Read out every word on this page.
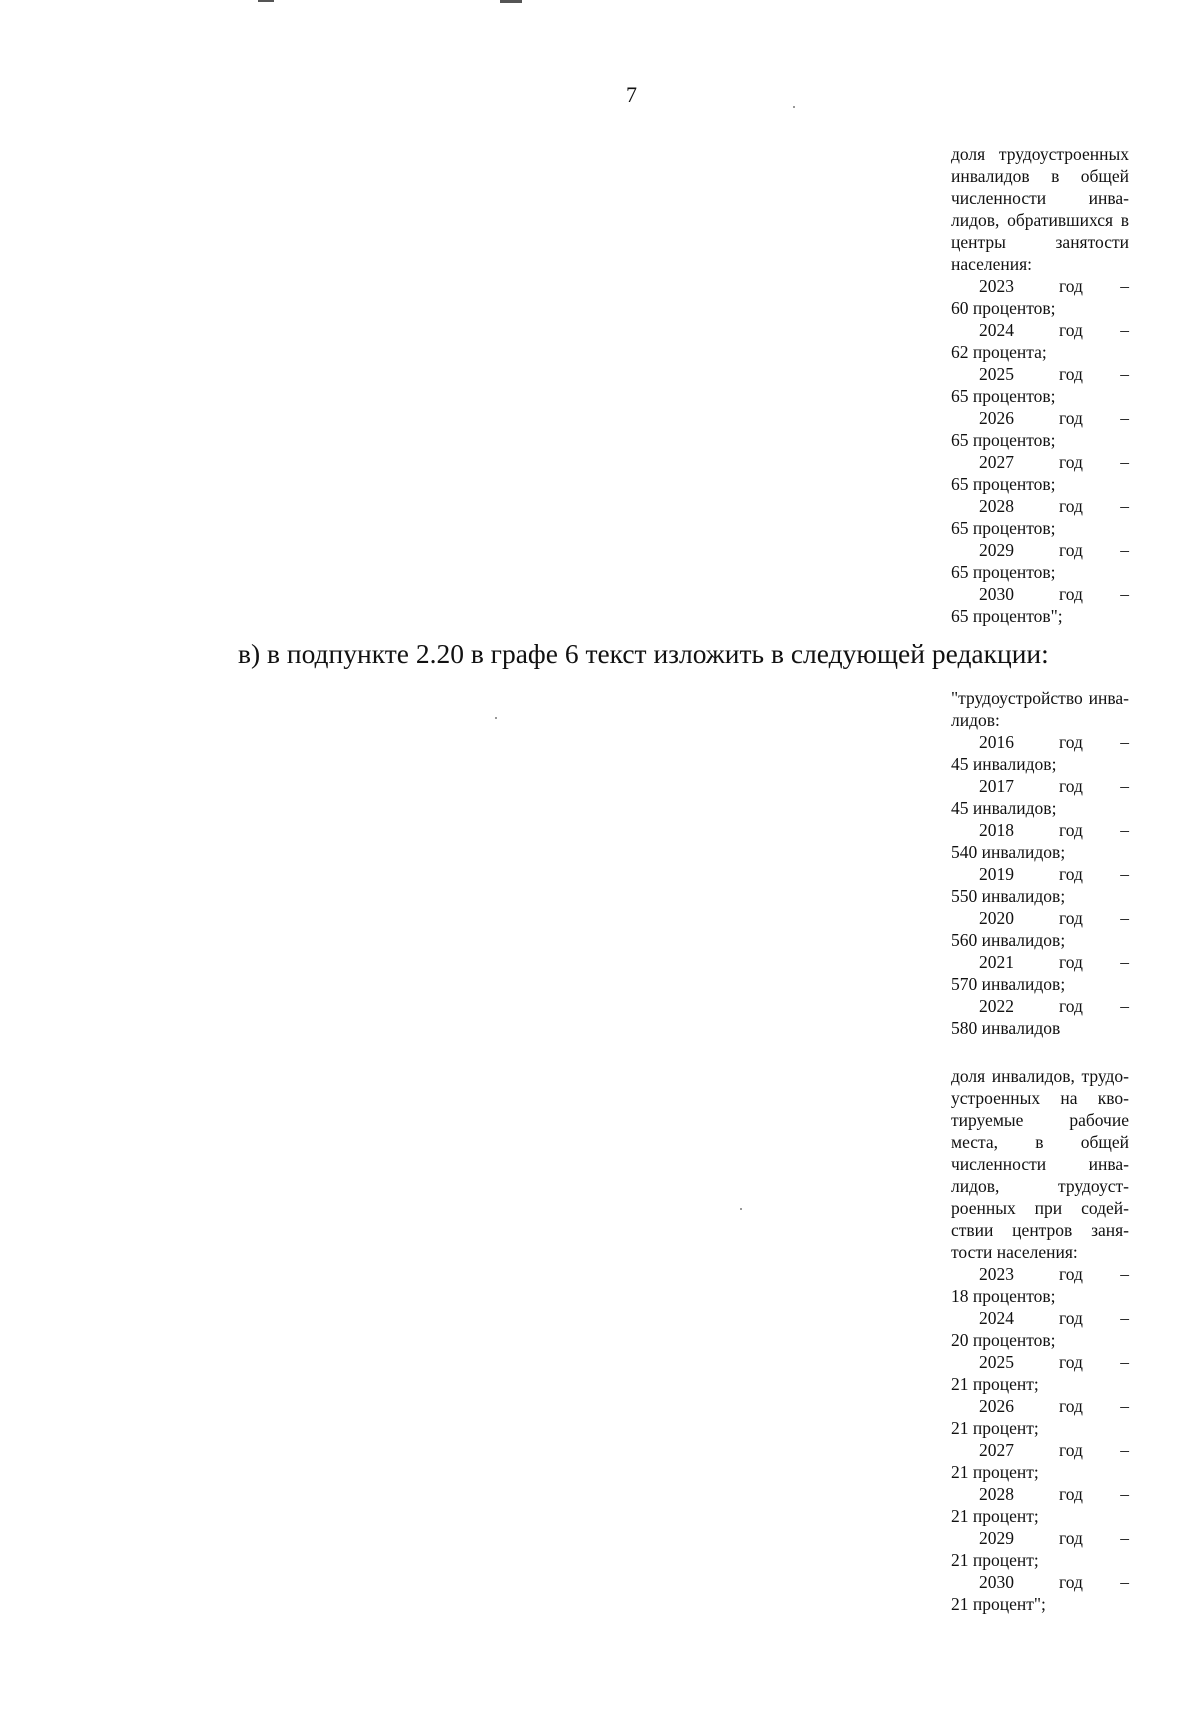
7
доля трудоустроенных инвалидов в общей численности инва- лидов, обратившихся в центры занятости
населения:
2023	год –
60 процентов;
2024	год –
62 процента;
2025	год –
65 процентов;
2026	год –
65 процентов;
2027	год –
65 процентов;
2028	год –
65 процентов;
2029	год –
65 процентов;
2030	год –
65 процентов";
в) в подпункте 2.20 в графе 6 текст изложить в следующей редакции:
"трудоустройство инва-
лидов:
2016	год –
45 инвалидов;
2017	год –
45 инвалидов;
2018	год –
540 инвалидов;
2019	год –
550 инвалидов;
2020	год –
560 инвалидов;
2021	год –
570 инвалидов;
2022	год –
580 инвалидов
доля инвалидов, трудо- устроенных на кво- тируемые рабочие места, в общей численности инва- лидов, трудоуст- роенных при содей- ствии центров заня-
тости населения:
2023	год –
18 процентов;
2024	год –
20 процентов;
2025	год –
21 процент;
2026	год –
21 процент;
2027	год –
21 процент;
2028	год –
21 процент;
2029	год –
21 процент;
2030	год –
21 процент";
